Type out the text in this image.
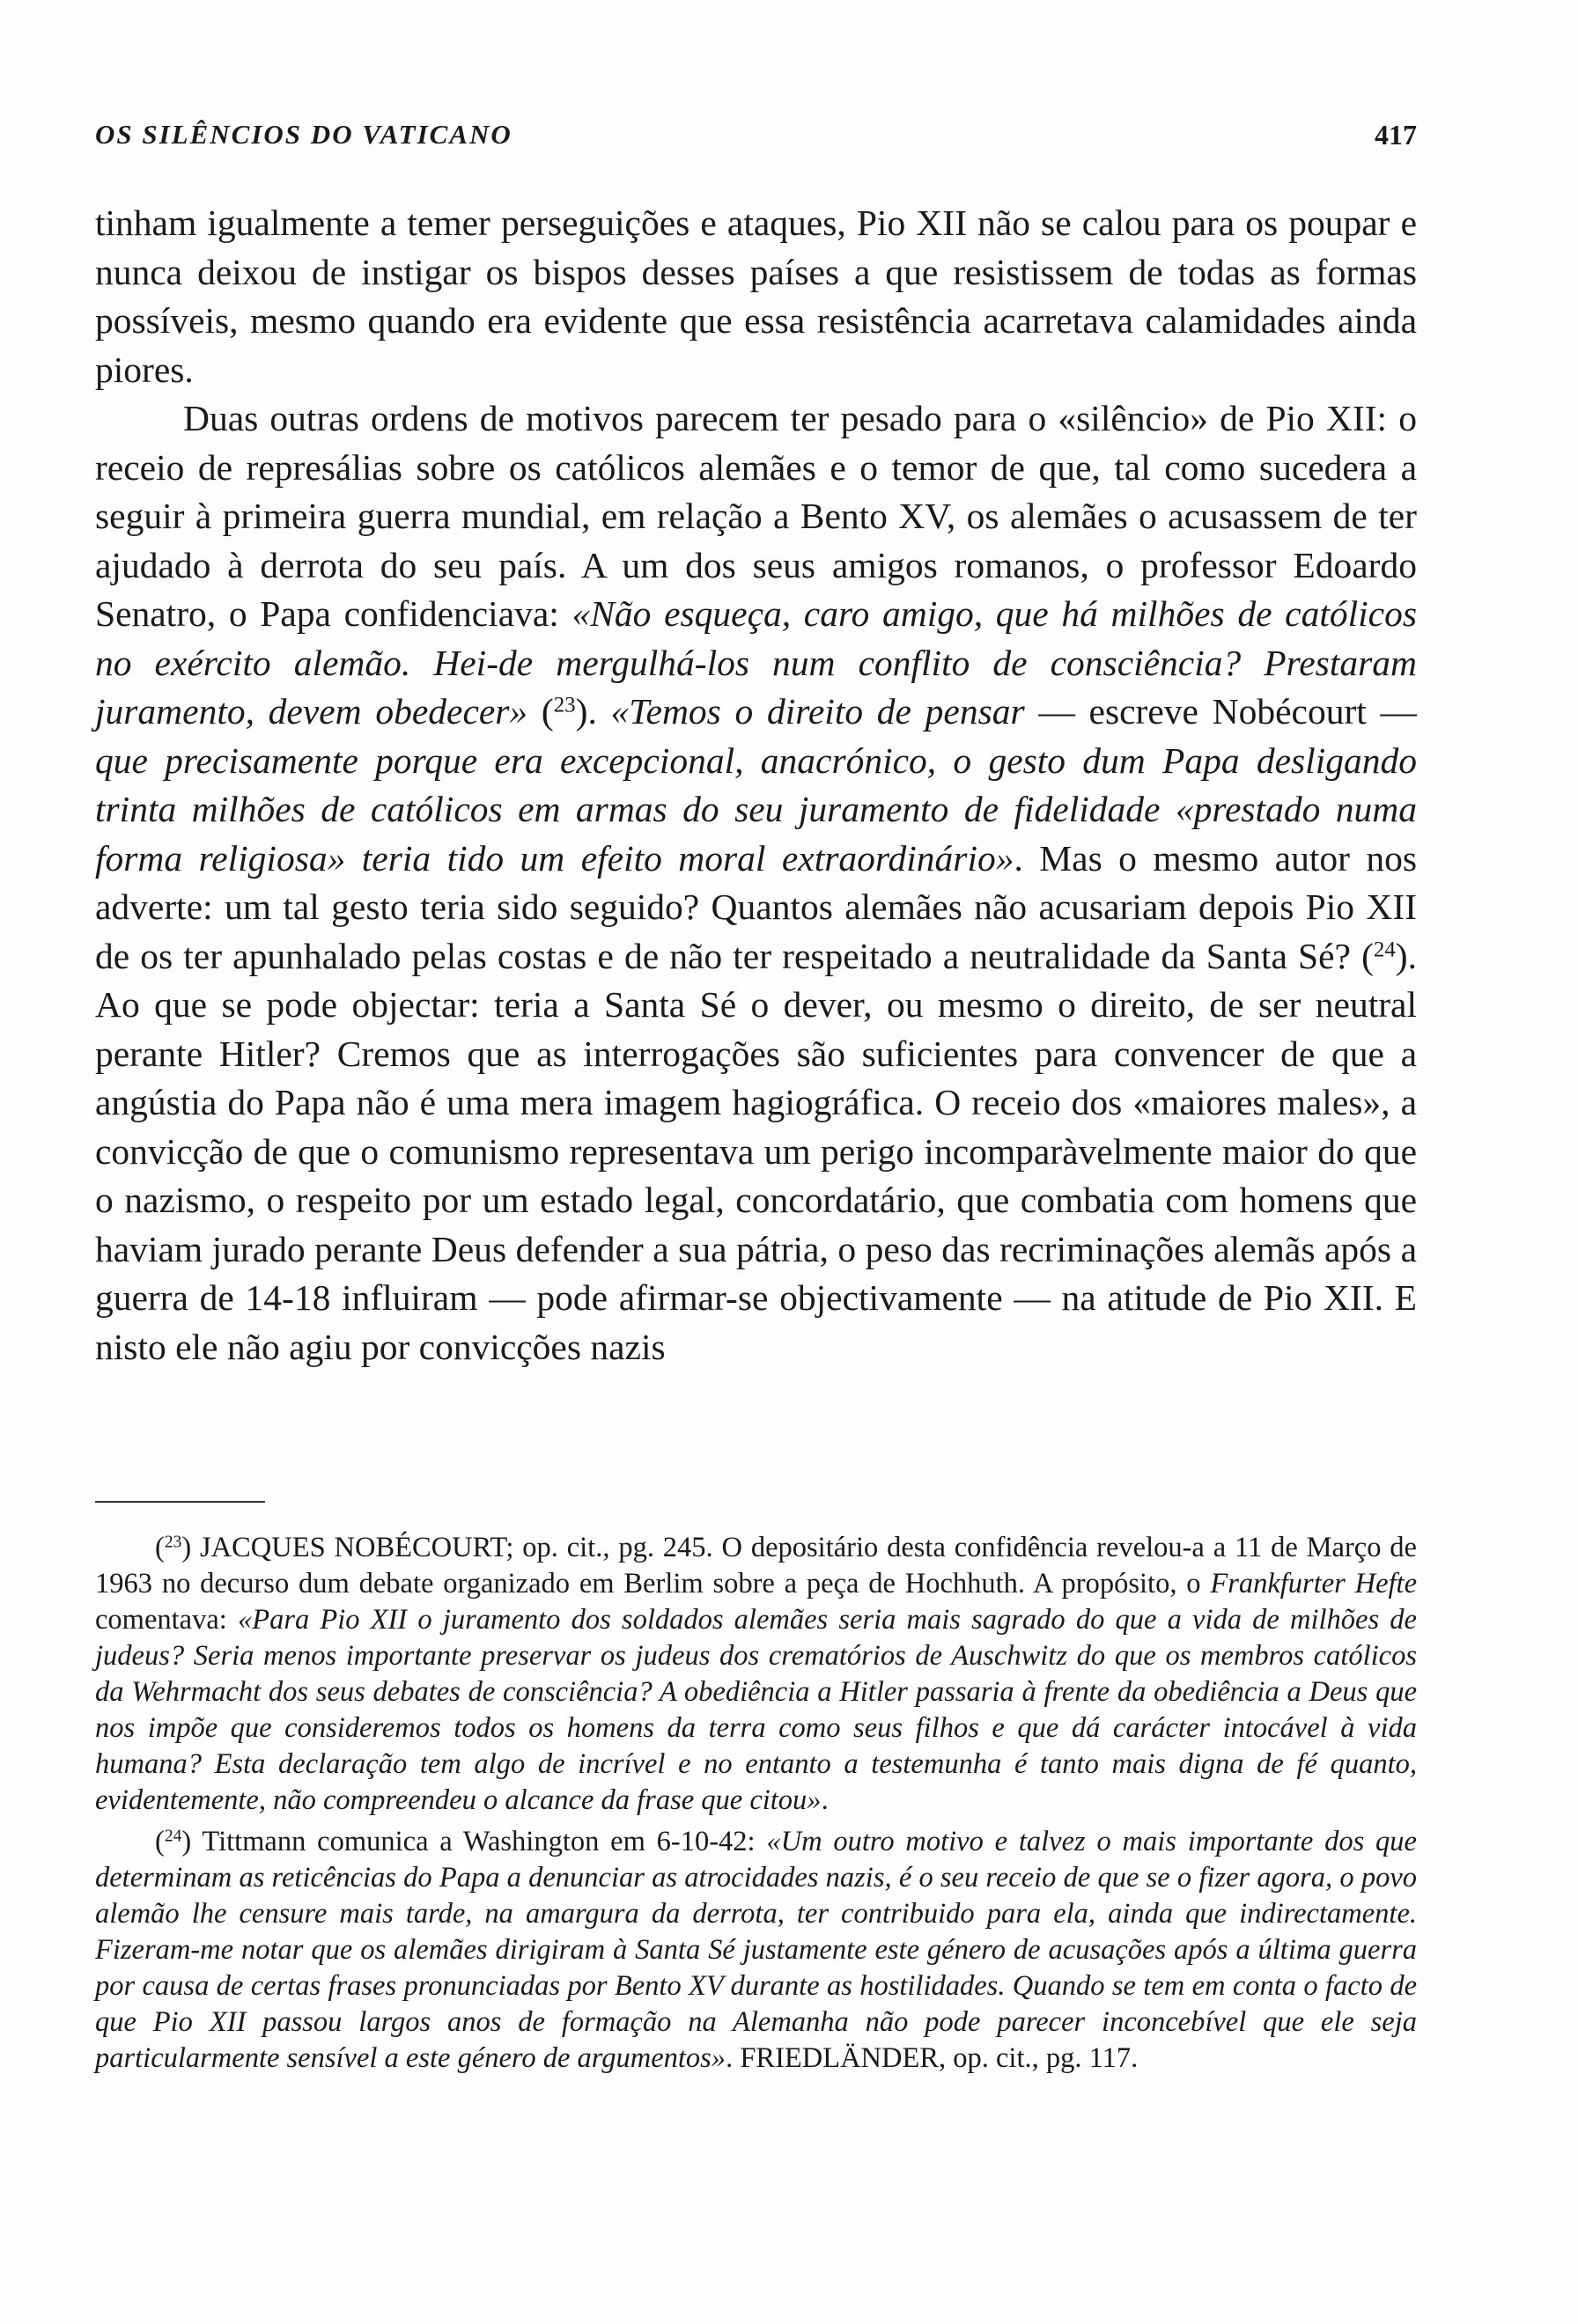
OS SILÊNCIOS DO VATICANO	417

tinham igualmente a temer perseguições e ataques, Pio XII não se calou para os poupar e nunca deixou de instigar os bispos desses países a que resistissem de todas as formas possíveis, mesmo quando era evidente que essa resistência acarretava calamidades ainda piores.

Duas outras ordens de motivos parecem ter pesado para o «silêncio» de Pio XII: o receio de represálias sobre os católicos alemães e o temor de que, tal como sucedera a seguir à primeira guerra mundial, em relação a Bento XV, os alemães o acusassem de ter ajudado à derrota do seu país. A um dos seus amigos romanos, o professor Edoardo Senatro, o Papa confidenciava: «Não esqueça, caro amigo, que há milhões de católicos no exército alemão. Hei-de mergulhá-los num conflito de consciência? Prestaram juramento, devem obedecer» ($^{23}$). «Temos o direito de pensar — escreve Nobécourt — que precisamente porque era excepcional, anacrónico, o gesto dum Papa desligando trinta milhões de católicos em armas do seu juramento de fidelidade «prestado numa forma religiosa» teria tido um efeito moral extraordinário». Mas o mesmo autor nos adverte: um tal gesto teria sido seguido? Quantos alemães não acusariam depois Pio XII de os ter apunhalado pelas costas e de não ter respeitado a neutralidade da Santa Sé? ($^{24}$). Ao que se pode objectar: teria a Santa Sé o dever, ou mesmo o direito, de ser neutral perante Hitler? Cremos que as interrogações são suficientes para convencer de que a angústia do Papa não é uma mera imagem hagiográfica. O receio dos «maiores males», a convicção de que o comunismo representava um perigo incomparàvelmente maior do que o nazismo, o respeito por um estado legal, concordatário, que combatia com homens que haviam jurado perante Deus defender a sua pátria, o peso das recriminações alemãs após a guerra de 14-18 influiram — pode afirmar-se objectivamente — na atitude de Pio XII. E nisto ele não agiu por convicções nazis

($^{23}$) JACQUES NOBÉCOURT; op. cit., pg. 245. O depositário desta confidência revelou-a a 11 de Março de 1963 no decurso dum debate organizado em Berlim sobre a peça de Hochhuth. A propósito, o Frankfurter Hefte comentava: «Para Pio XII o juramento dos soldados alemães seria mais sagrado do que a vida de milhões de judeus? Seria menos importante preservar os judeus dos crematórios de Auschwitz do que os membros católicos da Wehrmacht dos seus debates de consciência? A obediência a Hitler passaria à frente da obediência a Deus que nos impõe que consideremos todos os homens da terra como seus filhos e que dá carácter intocável à vida humana? Esta declaração tem algo de incrível e no entanto a testemunha é tanto mais digna de fé quanto, evidentemente, não compreendeu o alcance da frase que citou».

($^{24}$) Tittmann comunica a Washington em 6-10-42: «Um outro motivo e talvez o mais importante dos que determinam as reticências do Papa a denunciar as atrocidades nazis, é o seu receio de que se o fizer agora, o povo alemão lhe censure mais tarde, na amargura da derrota, ter contribuido para ela, ainda que indirectamente. Fizeram-me notar que os alemães dirigiram à Santa Sé justamente este género de acusações após a última guerra por causa de certas frases pronunciadas por Bento XV durante as hostilidades. Quando se tem em conta o facto de que Pio XII passou largos anos de formação na Alemanha não pode parecer inconcebível que ele seja particularmente sensível a este género de argumentos». FRIEDLÄNDER, op. cit., pg. 117.
